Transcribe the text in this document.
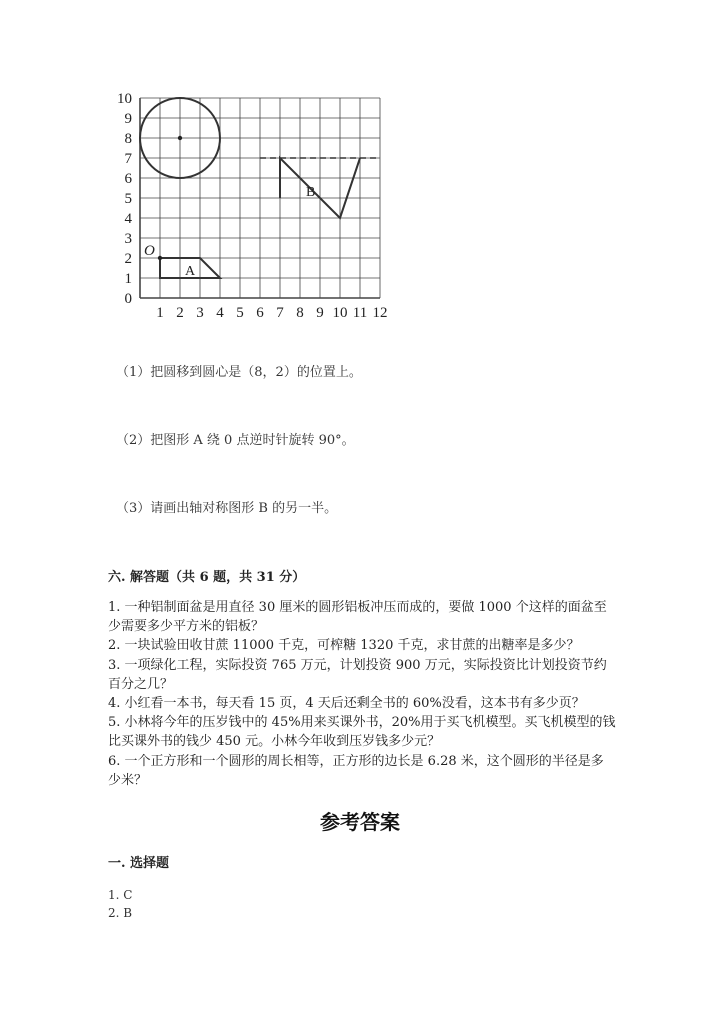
0
1
2
3
4
5
6
7
8
9
10
1 2 3 4 5 6 7 8 9 10 11 12
O
A
B
（1）把圆移到圆心是（8，2）的位置上。
（2）把图形 A 绕 0 点逆时针旋转 90°。
（3）请画出轴对称图形 B 的另一半。
六. 解答题（共 6 题，共 31 分）

1. 一种铝制面盆是用直径 30 厘米的圆形铝板冲压而成的，要做 1000 个这样的面盆至少需要多少平方米的铝板？

2. 一块试验田收甘蔗 11000 千克，可榨糖 1320 千克，求甘蔗的出糖率是多少？

3. 一项绿化工程，实际投资 765 万元，计划投资 900 万元，实际投资比计划投资节约百分之几？

4. 小红看一本书，每天看 15 页，4 天后还剩全书的 60%没看，这本书有多少页？

5. 小林将今年的压岁钱中的 45%用来买课外书，20%用于买飞机模型。买飞机模型的钱比买课外书的钱少 450 元。小林今年收到压岁钱多少元？

6. 一个正方形和一个圆形的周长相等，正方形的边长是 6.28 米，这个圆形的半径是多少米？

参考答案
一. 选择题
1. C
2. B
